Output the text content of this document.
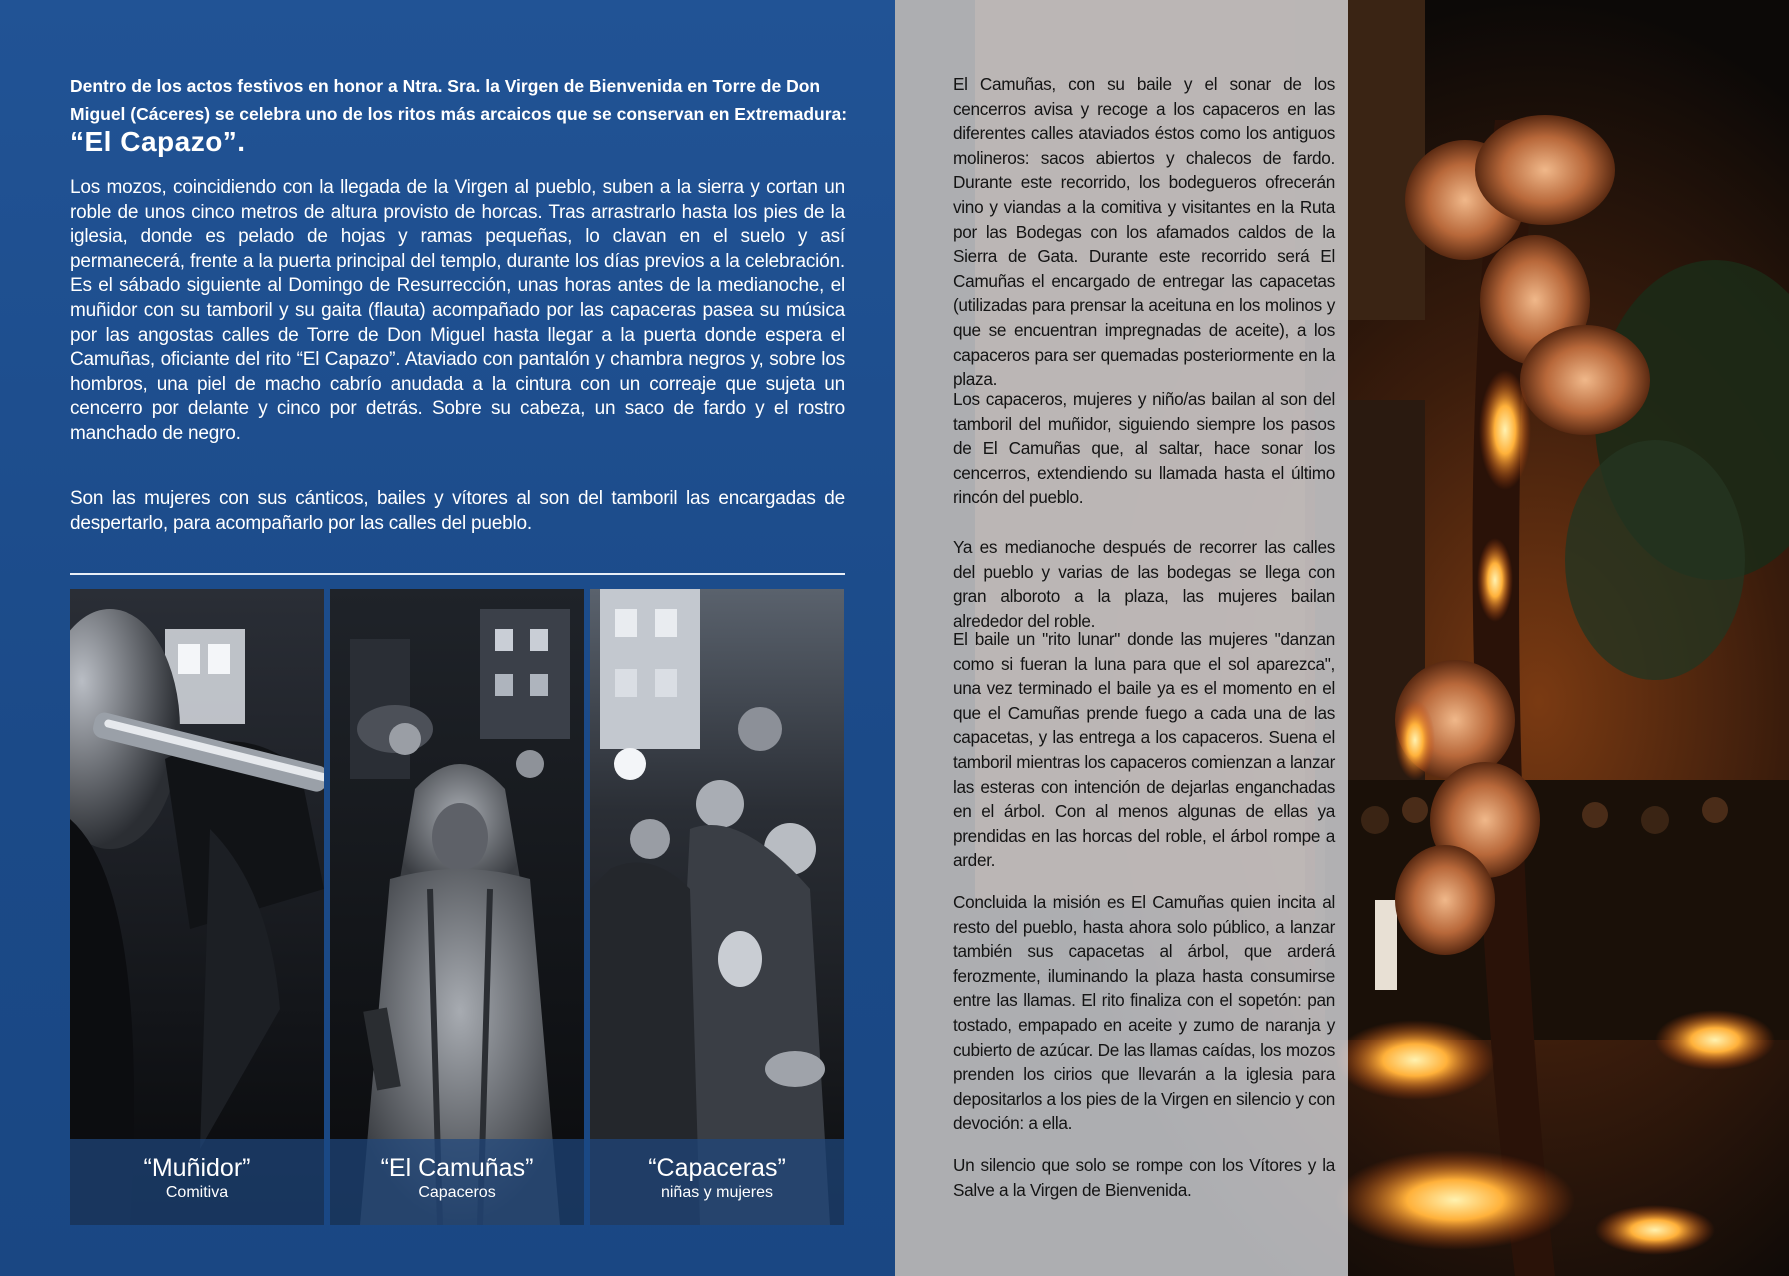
Dentro de los actos festivos en honor a Ntra. Sra. la Virgen de Bienvenida en Torre de Don Miguel (Cáceres) se celebra uno de los ritos más arcaicos que se conservan en Extremadura: “El Capazo”.

Los mozos, coincidiendo con la llegada de la Virgen al pueblo, suben a la sierra y cortan un roble de unos cinco metros de altura provisto de horcas. Tras arrastrarlo hasta los pies de la iglesia, donde es pelado de hojas y ramas pequeñas, lo clavan en el suelo y así permanecerá, frente a la puerta principal del templo, durante los días previos a la celebración. Es el sábado siguiente al Domingo de Resurrección, unas horas antes de la medianoche, el muñidor con su tamboril y su gaita (flauta) acompañado por las capaceras pasea su música por las angostas calles de Torre de Don Miguel hasta llegar a la puerta donde espera el Camuñas, oficiante del rito “El Capazo”. Ataviado con pantalón y chambra negros y, sobre los hombros, una piel de macho cabrío anudada a la cintura con un correaje que sujeta un cencerro por delante y cinco por detrás. Sobre su cabeza, un saco de fardo y el rostro manchado de negro.

Son las mujeres con sus cánticos, bailes y vítores al son del tamboril las encargadas de despertarlo, para acompañarlo por las calles del pueblo.

“Muñidor”
Comitiva
“El Camuñas”
Capaceros
“Capaceras”
niñas y mujeres

El Camuñas, con su baile y el sonar de los cencerros avisa y recoge a los capaceros en las diferentes calles ataviados éstos como los antiguos molineros: sacos abiertos y chalecos de fardo. Durante este recorrido, los bodegueros ofrecerán vino y viandas a la comitiva y visitantes en la Ruta por las Bodegas con los afamados caldos de la Sierra de Gata. Durante este recorrido será El Camuñas el encargado de entregar las capacetas (utilizadas para prensar la aceituna en los molinos y que se encuentran impregnadas de aceite), a los capaceros para ser quemadas posteriormente en la plaza.

Los capaceros, mujeres y niño/as bailan al son del tamboril del muñidor, siguiendo siempre los pasos de El Camuñas que, al saltar, hace sonar los cencerros, extendiendo su llamada hasta el último rincón del pueblo.

Ya es medianoche después de recorrer las calles del pueblo y varias de las bodegas se llega con gran alboroto a la plaza, las mujeres bailan alrededor del roble.

El baile un "rito lunar" donde las mujeres "danzan como si fueran la luna para que el sol aparezca", una vez terminado el baile ya es el momento en el que el Camuñas prende fuego a cada una de las capacetas, y las entrega a los capaceros. Suena el tamboril mientras los capaceros comienzan a lanzar las esteras con intención de dejarlas enganchadas en el árbol. Con al menos algunas de ellas ya prendidas en las horcas del roble, el árbol rompe a arder.

Concluida la misión es El Camuñas quien incita al resto del pueblo, hasta ahora solo público, a lanzar también sus capacetas al árbol, que arderá ferozmente, iluminando la plaza hasta consumirse entre las llamas. El rito finaliza con el sopetón: pan tostado, empapado en aceite y zumo de naranja y cubierto de azúcar. De las llamas caídas, los mozos prenden los cirios que llevarán a la iglesia para depositarlos a los pies de la Virgen en silencio y con devoción: a ella.

Un silencio que solo se rompe con los Vítores y la Salve a la Virgen de Bienvenida.
